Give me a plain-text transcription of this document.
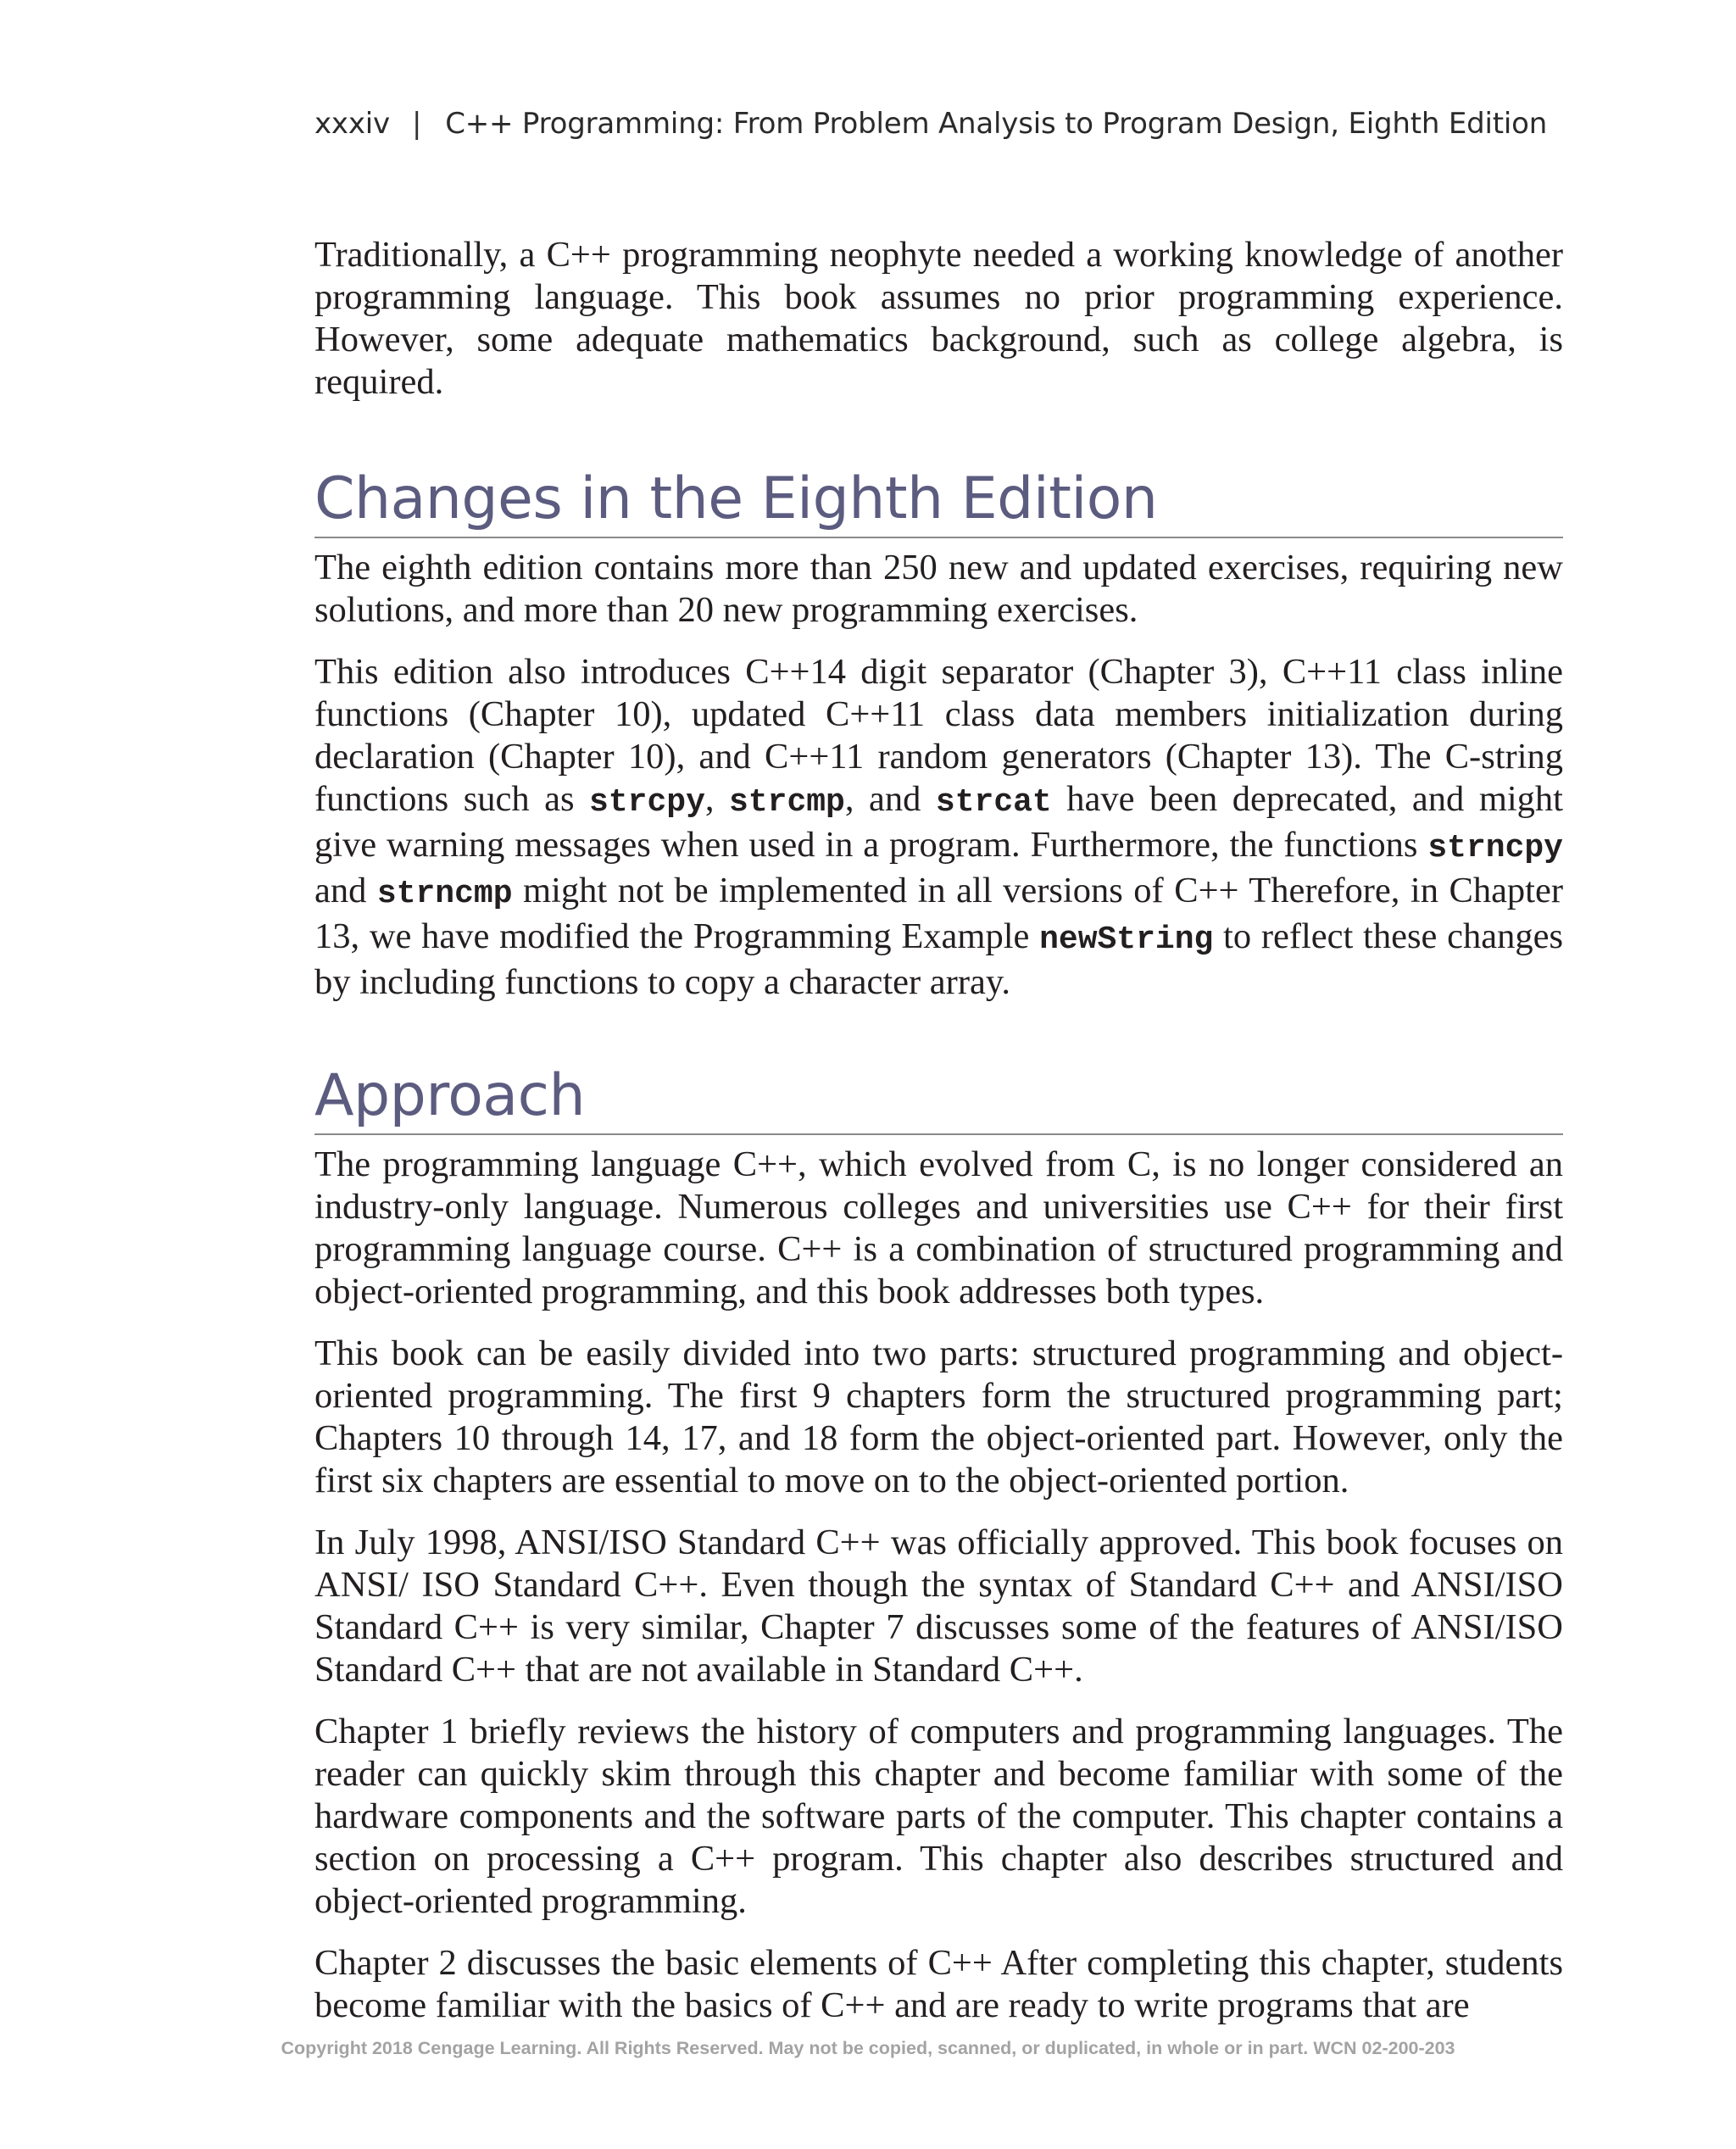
xxxiv | C++ Programming: From Problem Analysis to Program Design, Eighth Edition

Traditionally, a C++ programming neophyte needed a working knowledge of another programming language. This book assumes no prior programming experience. However, some adequate mathematics background, such as college algebra, is required.

Changes in the Eighth Edition

The eighth edition contains more than 250 new and updated exercises, requiring new solutions, and more than 20 new programming exercises.

This edition also introduces C++14 digit separator (Chapter 3), C++11 class inline functions (Chapter 10), updated C++11 class data members initialization during declaration (Chapter 10), and C++11 random generators (Chapter 13). The C-string functions such as strcpy, strcmp, and strcat have been deprecated, and might give warning messages when used in a program. Furthermore, the functions strncpy and strncmp might not be implemented in all versions of C++ Therefore, in Chapter 13, we have modified the Programming Example newString to reflect these changes by including functions to copy a character array.

Approach

The programming language C++, which evolved from C, is no longer considered an industry-only language. Numerous colleges and universities use C++ for their first programming language course. C++ is a combination of structured programming and object-oriented programming, and this book addresses both types.

This book can be easily divided into two parts: structured programming and object-oriented programming. The first 9 chapters form the structured programming part; Chapters 10 through 14, 17, and 18 form the object-oriented part. However, only the first six chapters are essential to move on to the object-oriented portion.

In July 1998, ANSI/ISO Standard C++ was officially approved. This book focuses on ANSI/ ISO Standard C++. Even though the syntax of Standard C++ and ANSI/ISO Standard C++ is very similar, Chapter 7 discusses some of the features of ANSI/ISO Standard C++ that are not available in Standard C++.

Chapter 1 briefly reviews the history of computers and programming languages. The reader can quickly skim through this chapter and become familiar with some of the hardware components and the software parts of the computer. This chapter contains a section on processing a C++ program. This chapter also describes structured and object-oriented programming.

Chapter 2 discusses the basic elements of C++ After completing this chapter, students become familiar with the basics of C++ and are ready to write programs that are

Copyright 2018 Cengage Learning. All Rights Reserved. May not be copied, scanned, or duplicated, in whole or in part. WCN 02-200-203
